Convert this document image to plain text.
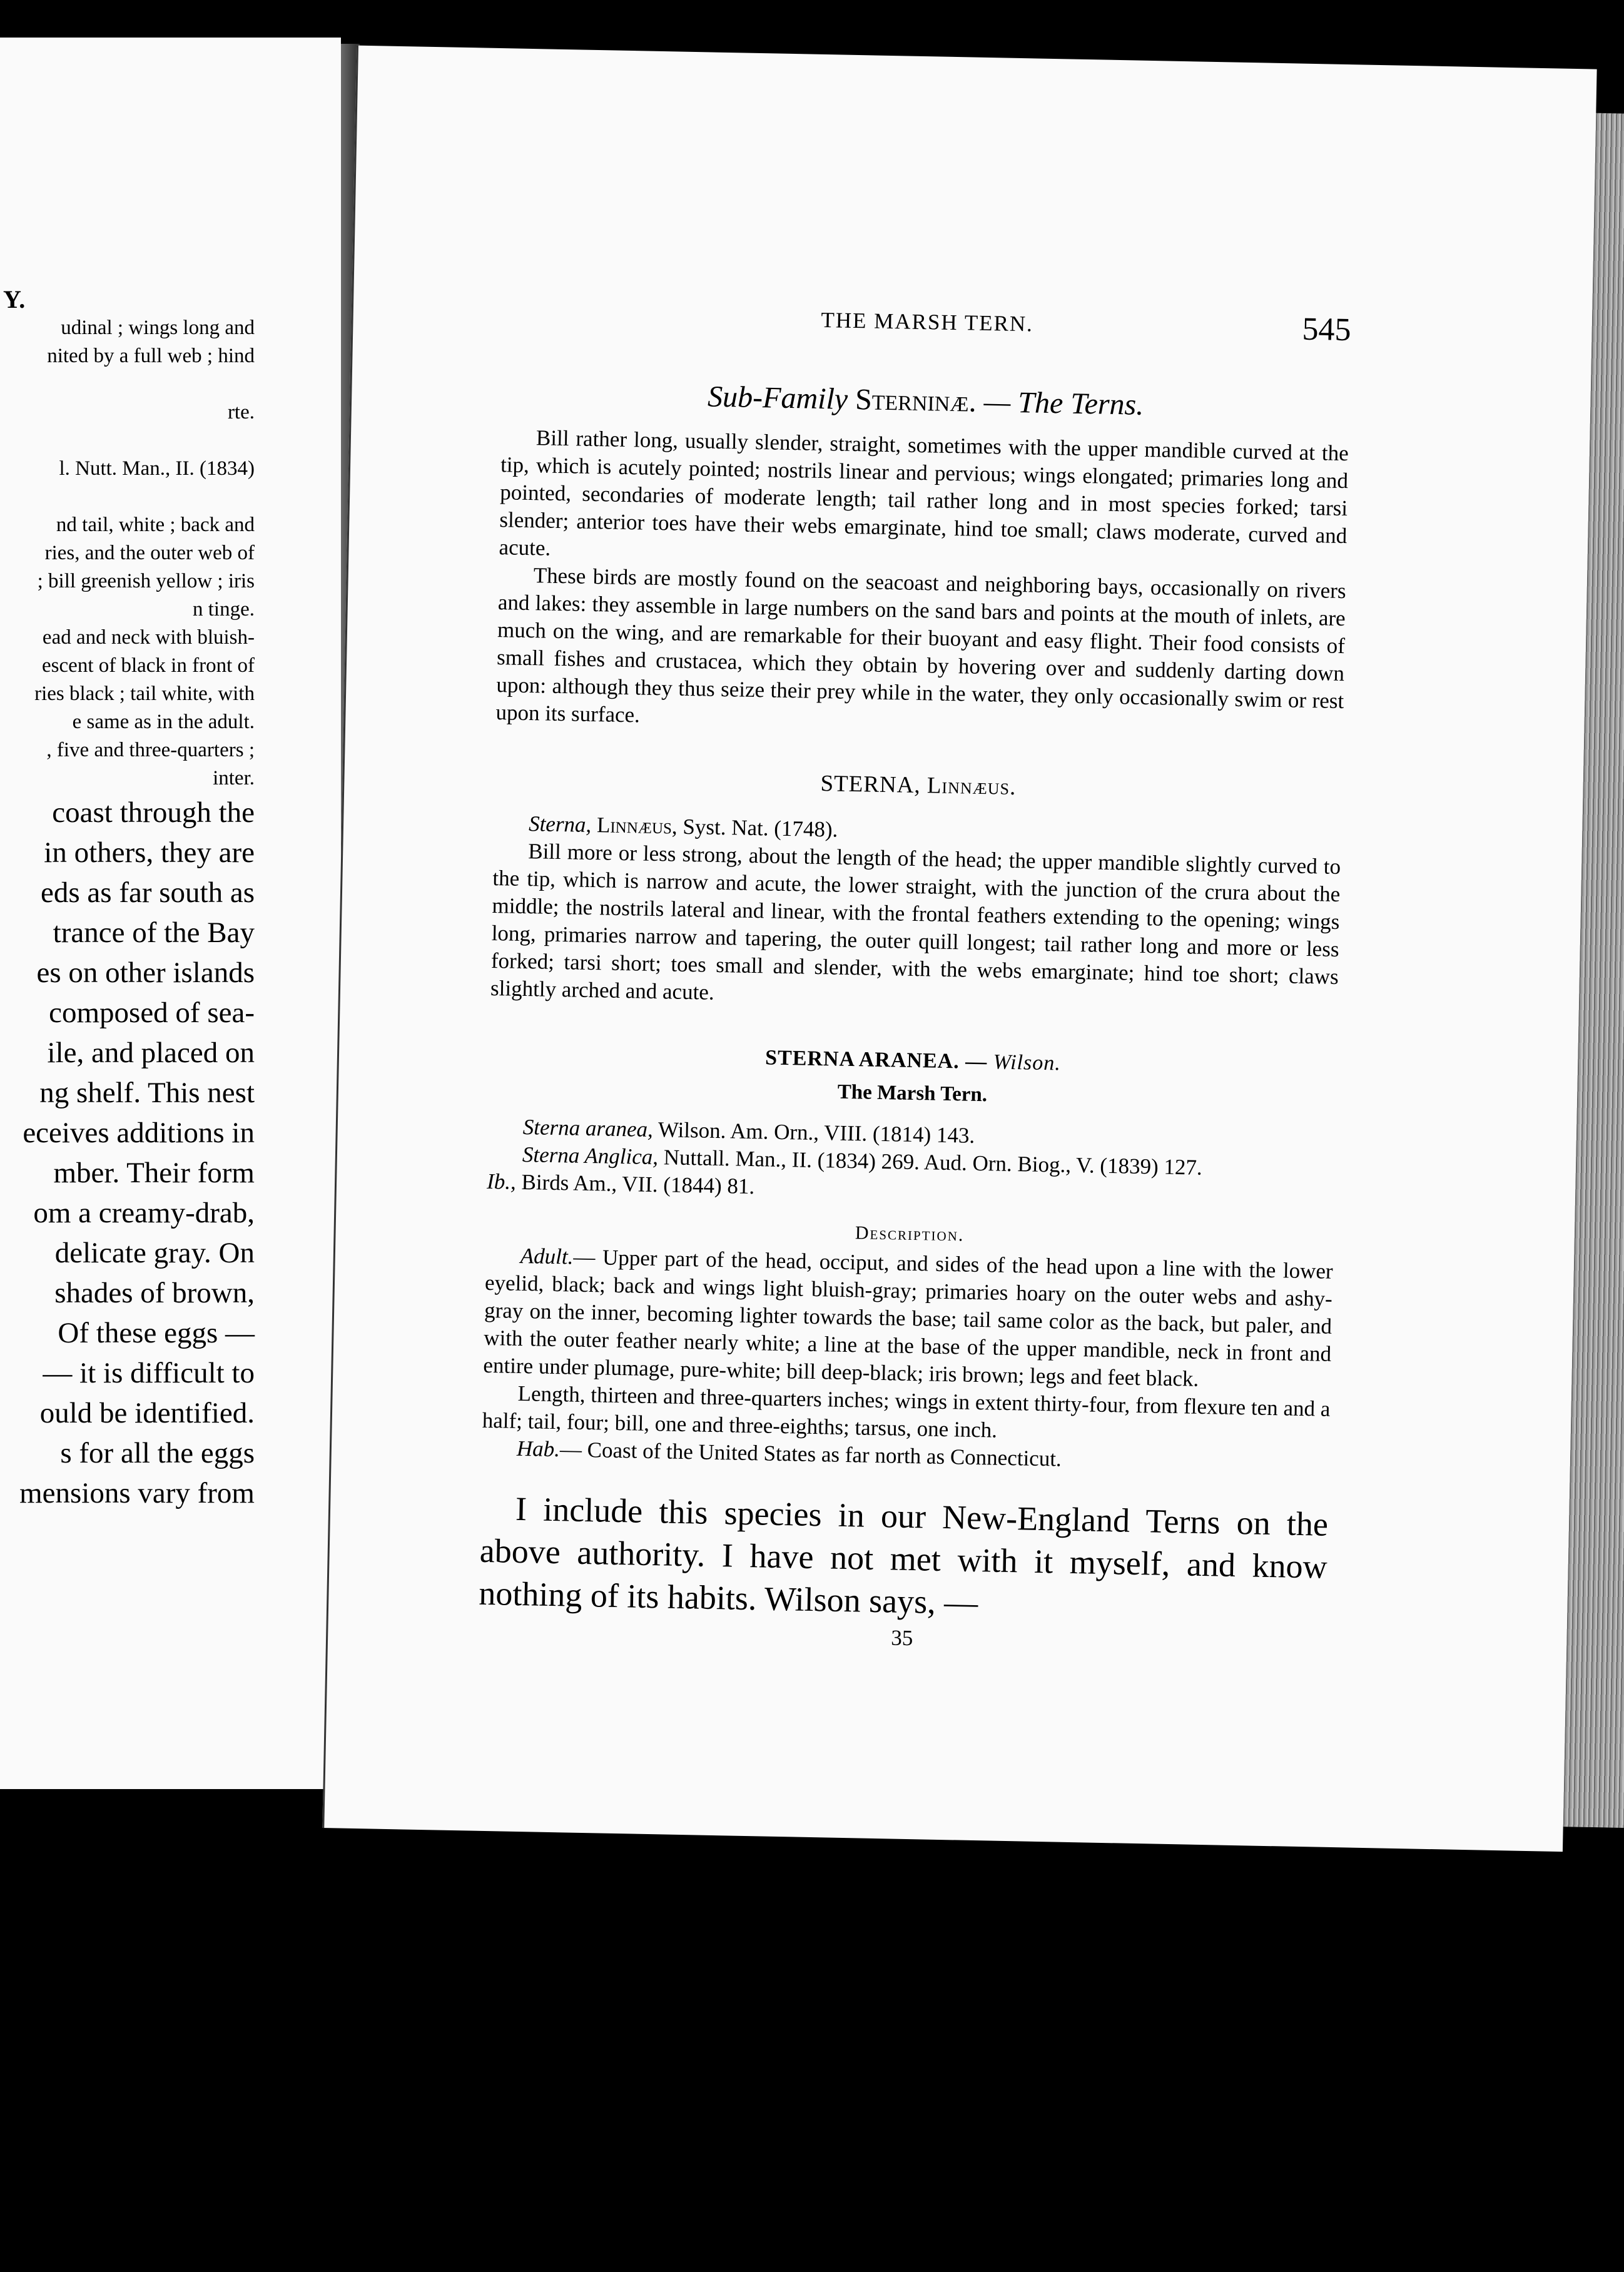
Y.
udinal ; wings long and
nited by a full web ; hind

rte.

l. Nutt. Man., II. (1834)

nd tail, white ; back and
ries, and the outer web of
; bill greenish yellow ; iris
n tinge.
ead and neck with bluish-
escent of black in front of
ries black ; tail white, with
e same as in the adult.
, five and three-quarters ;
inter.
coast through the
in others, they are
eds as far south as
trance of the Bay
es on other islands
composed of sea-
ile, and placed on
ng shelf. This nest
eceives additions in
mber. Their form
om a creamy-drab,
delicate gray. On
shades of brown,
Of these eggs —
— it is difficult to
ould be identified.
s for all the eggs
mensions vary from
THE MARSH TERN.	545
Sub-Family Sterninæ. — The Terns.

Bill rather long, usually slender, straight, sometimes with the upper mandible curved at the tip, which is acutely pointed; nostrils linear and pervious; wings elongated; primaries long and pointed, secondaries of moderate length; tail rather long and in most species forked; tarsi slender; anterior toes have their webs emarginate, hind toe small; claws moderate, curved and acute.

These birds are mostly found on the seacoast and neighboring bays, occasionally on rivers and lakes: they assemble in large numbers on the sand bars and points at the mouth of inlets, are much on the wing, and are remarkable for their buoyant and easy flight. Their food consists of small fishes and crustacea, which they obtain by hovering over and suddenly darting down upon: although they thus seize their prey while in the water, they only occasionally swim or rest upon its surface.

STERNA, Linnæus.

Sterna, Linnæus, Syst. Nat. (1748).

Bill more or less strong, about the length of the head; the upper mandible slightly curved to the tip, which is narrow and acute, the lower straight, with the junction of the crura about the middle; the nostrils lateral and linear, with the frontal feathers extending to the opening; wings long, primaries narrow and tapering, the outer quill longest; tail rather long and more or less forked; tarsi short; toes small and slender, with the webs emarginate; hind toe short; claws slightly arched and acute.

STERNA ARANEA. — Wilson.
The Marsh Tern.
Sterna aranea, Wilson. Am. Orn., VIII. (1814) 143.
Sterna Anglica, Nuttall. Man., II. (1834) 269. Aud. Orn. Biog., V. (1839) 127.
Ib., Birds Am., VII. (1844) 81.
Description.

Adult.— Upper part of the head, occiput, and sides of the head upon a line with the lower eyelid, black; back and wings light bluish-gray; primaries hoary on the outer webs and ashy-gray on the inner, becoming lighter towards the base; tail same color as the back, but paler, and with the outer feather nearly white; a line at the base of the upper mandible, neck in front and entire under plumage, pure-white; bill deep-black; iris brown; legs and feet black.

Length, thirteen and three-quarters inches; wings in extent thirty-four, from flexure ten and a half; tail, four; bill, one and three-eighths; tarsus, one inch.

Hab.— Coast of the United States as far north as Connecticut.

I include this species in our New-England Terns on the above authority. I have not met with it myself, and know nothing of its habits. Wilson says, —

35
